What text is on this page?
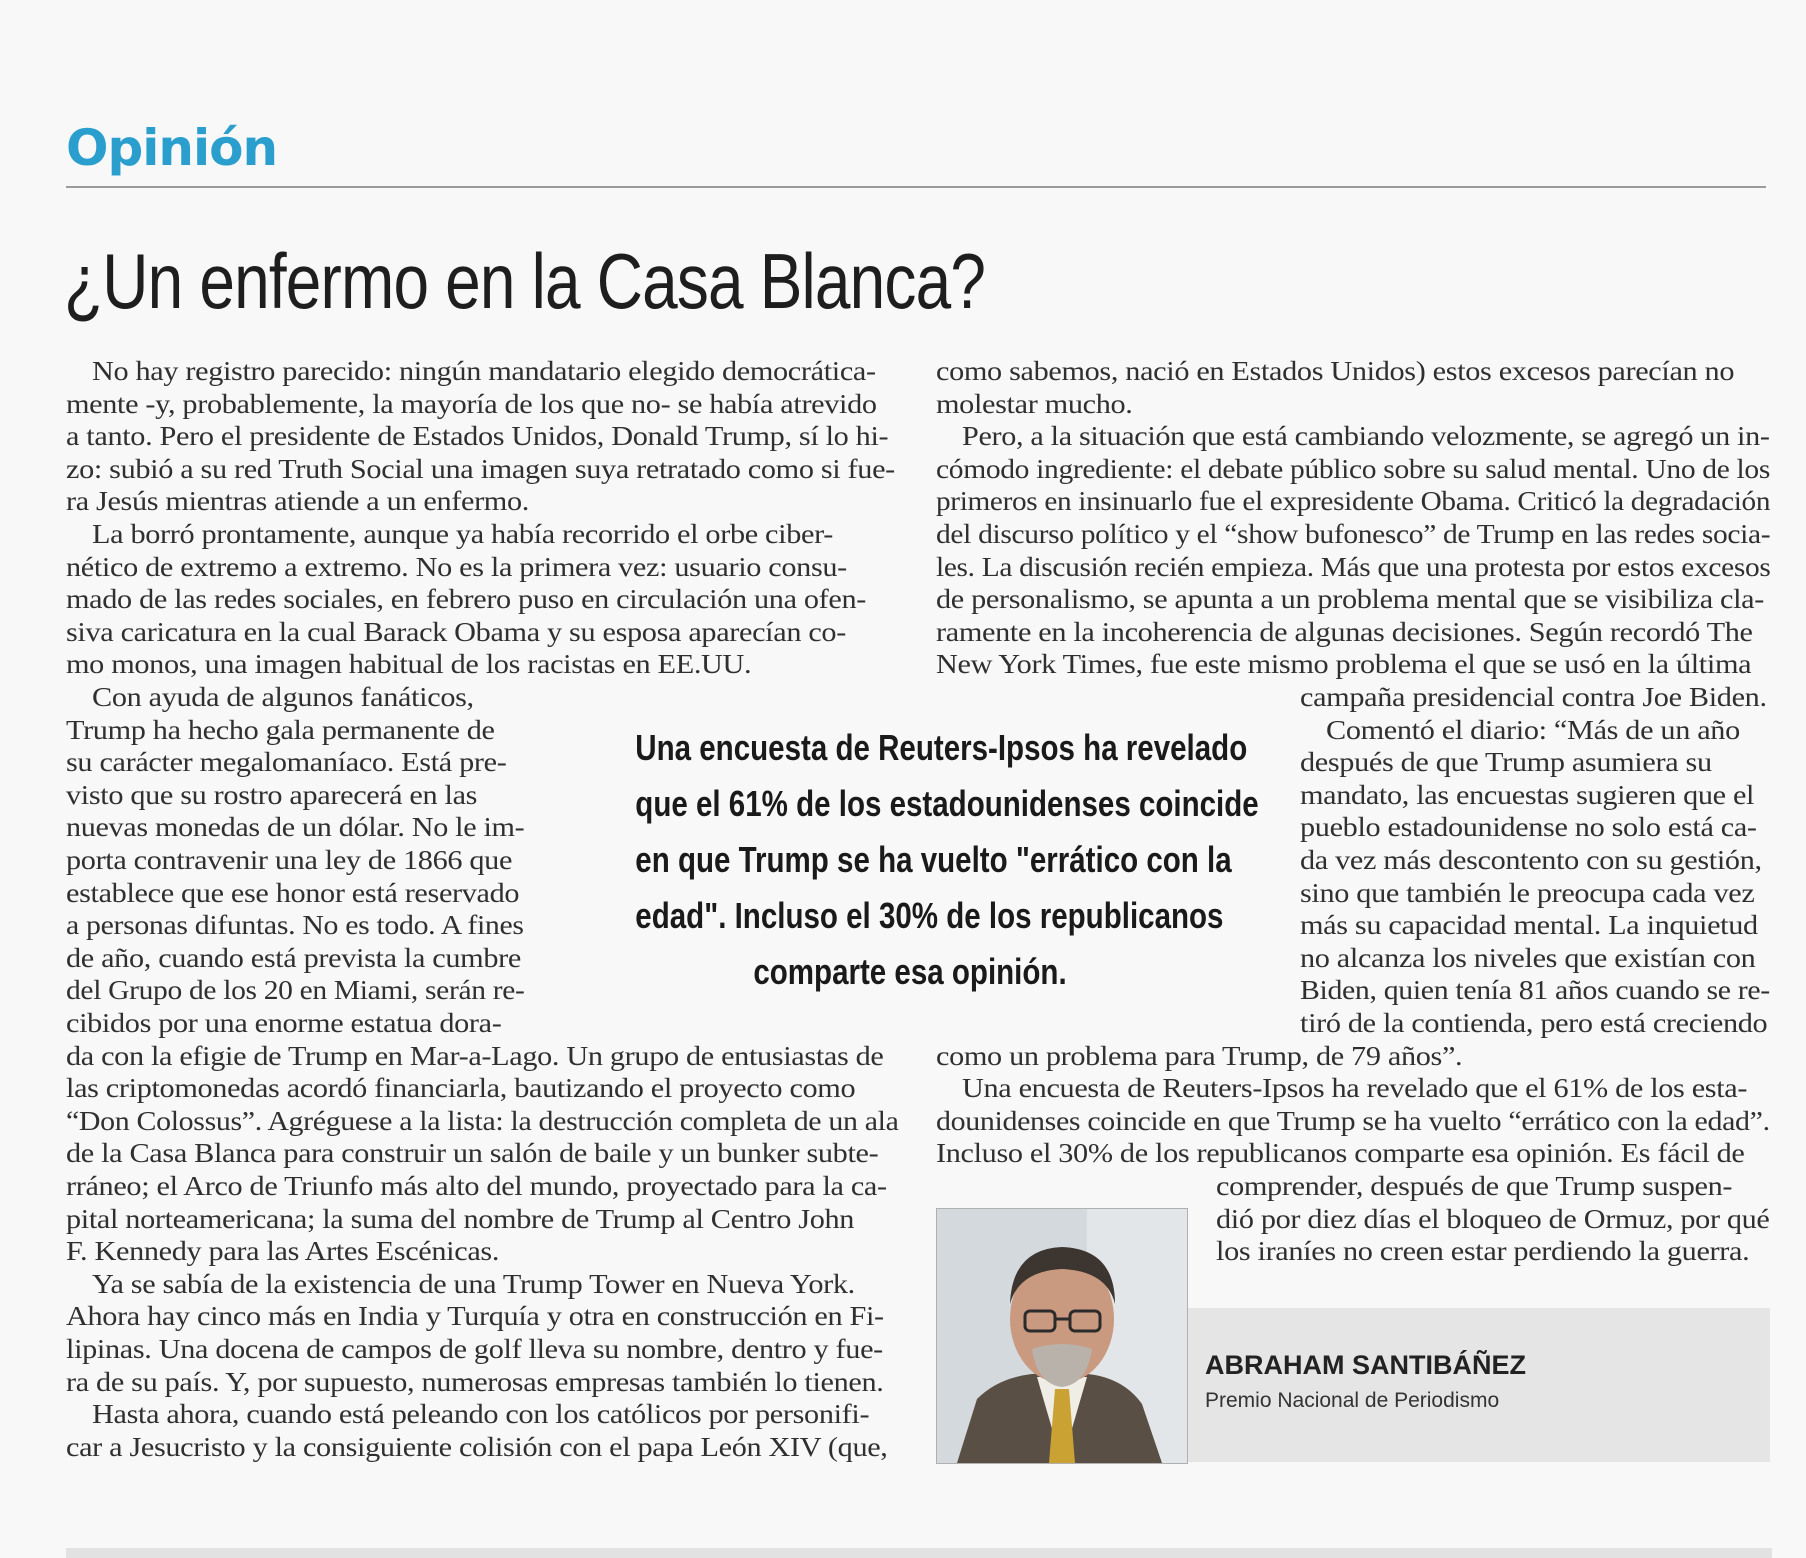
Opinión
¿Un enfermo en la Casa Blanca?
No hay registro parecido: ningún mandatario elegido democrática-
mente -y, probablemente, la mayoría de los que no- se había atrevido
a tanto. Pero el presidente de Estados Unidos, Donald Trump, sí lo hi-
zo: subió a su red Truth Social una imagen suya retratado como si fue-
ra Jesús mientras atiende a un enfermo.
La borró prontamente, aunque ya había recorrido el orbe ciber-
nético de extremo a extremo. No es la primera vez: usuario consu-
mado de las redes sociales, en febrero puso en circulación una ofen-
siva caricatura en la cual Barack Obama y su esposa aparecían co-
mo monos, una imagen habitual de los racistas en EE.UU.
Con ayuda de algunos fanáticos,
Trump ha hecho gala permanente de
su carácter megalomaníaco. Está pre-
visto que su rostro aparecerá en las
nuevas monedas de un dólar. No le im-
porta contravenir una ley de 1866 que
establece que ese honor está reservado
a personas difuntas. No es todo. A fines
de año, cuando está prevista la cumbre
del Grupo de los 20 en Miami, serán re-
cibidos por una enorme estatua dora-
da con la efigie de Trump en Mar-a-Lago. Un grupo de entusiastas de
las criptomonedas acordó financiarla, bautizando el proyecto como
“Don Colossus”. Agréguese a la lista: la destrucción completa de un ala
de la Casa Blanca para construir un salón de baile y un bunker subte-
rráneo; el Arco de Triunfo más alto del mundo, proyectado para la ca-
pital norteamericana; la suma del nombre de Trump al Centro John
F. Kennedy para las Artes Escénicas.
Ya se sabía de la existencia de una Trump Tower en Nueva York.
Ahora hay cinco más en India y Turquía y otra en construcción en Fi-
lipinas. Una docena de campos de golf lleva su nombre, dentro y fue-
ra de su país. Y, por supuesto, numerosas empresas también lo tienen.
Hasta ahora, cuando está peleando con los católicos por personifi-
car a Jesucristo y la consiguiente colisión con el papa León XIV (que,
como sabemos, nació en Estados Unidos) estos excesos parecían no
molestar mucho.
Pero, a la situación que está cambiando velozmente, se agregó un in-
cómodo ingrediente: el debate público sobre su salud mental. Uno de los
primeros en insinuarlo fue el expresidente Obama. Criticó la degradación
del discurso político y el “show bufonesco” de Trump en las redes socia-
les. La discusión recién empieza. Más que una protesta por estos excesos
de personalismo, se apunta a un problema mental que se visibiliza cla-
ramente en la incoherencia de algunas decisiones. Según recordó The
New York Times, fue este mismo problema el que se usó en la última
campaña presidencial contra Joe Biden.
Comentó el diario: “Más de un año
después de que Trump asumiera su
mandato, las encuestas sugieren que el
pueblo estadounidense no solo está ca-
da vez más descontento con su gestión,
sino que también le preocupa cada vez
más su capacidad mental. La inquietud
no alcanza los niveles que existían con
Biden, quien tenía 81 años cuando se re-
tiró de la contienda, pero está creciendo
como un problema para Trump, de 79 años”.
Una encuesta de Reuters-Ipsos ha revelado que el 61% de los esta-
dounidenses coincide en que Trump se ha vuelto “errático con la edad”.
Incluso el 30% de los republicanos comparte esa opinión. Es fácil de
comprender, después de que Trump suspen-
dió por diez días el bloqueo de Ormuz, por qué
los iraníes no creen estar perdiendo la guerra.
Una encuesta de Reuters-Ipsos ha revelado
que el 61% de los estadounidenses coincide
en que Trump se ha vuelto "errático con la
edad". Incluso el 30% de los republicanos
comparte esa opinión.
ABRAHAM SANTIBÁÑEZ
Premio Nacional de Periodismo
